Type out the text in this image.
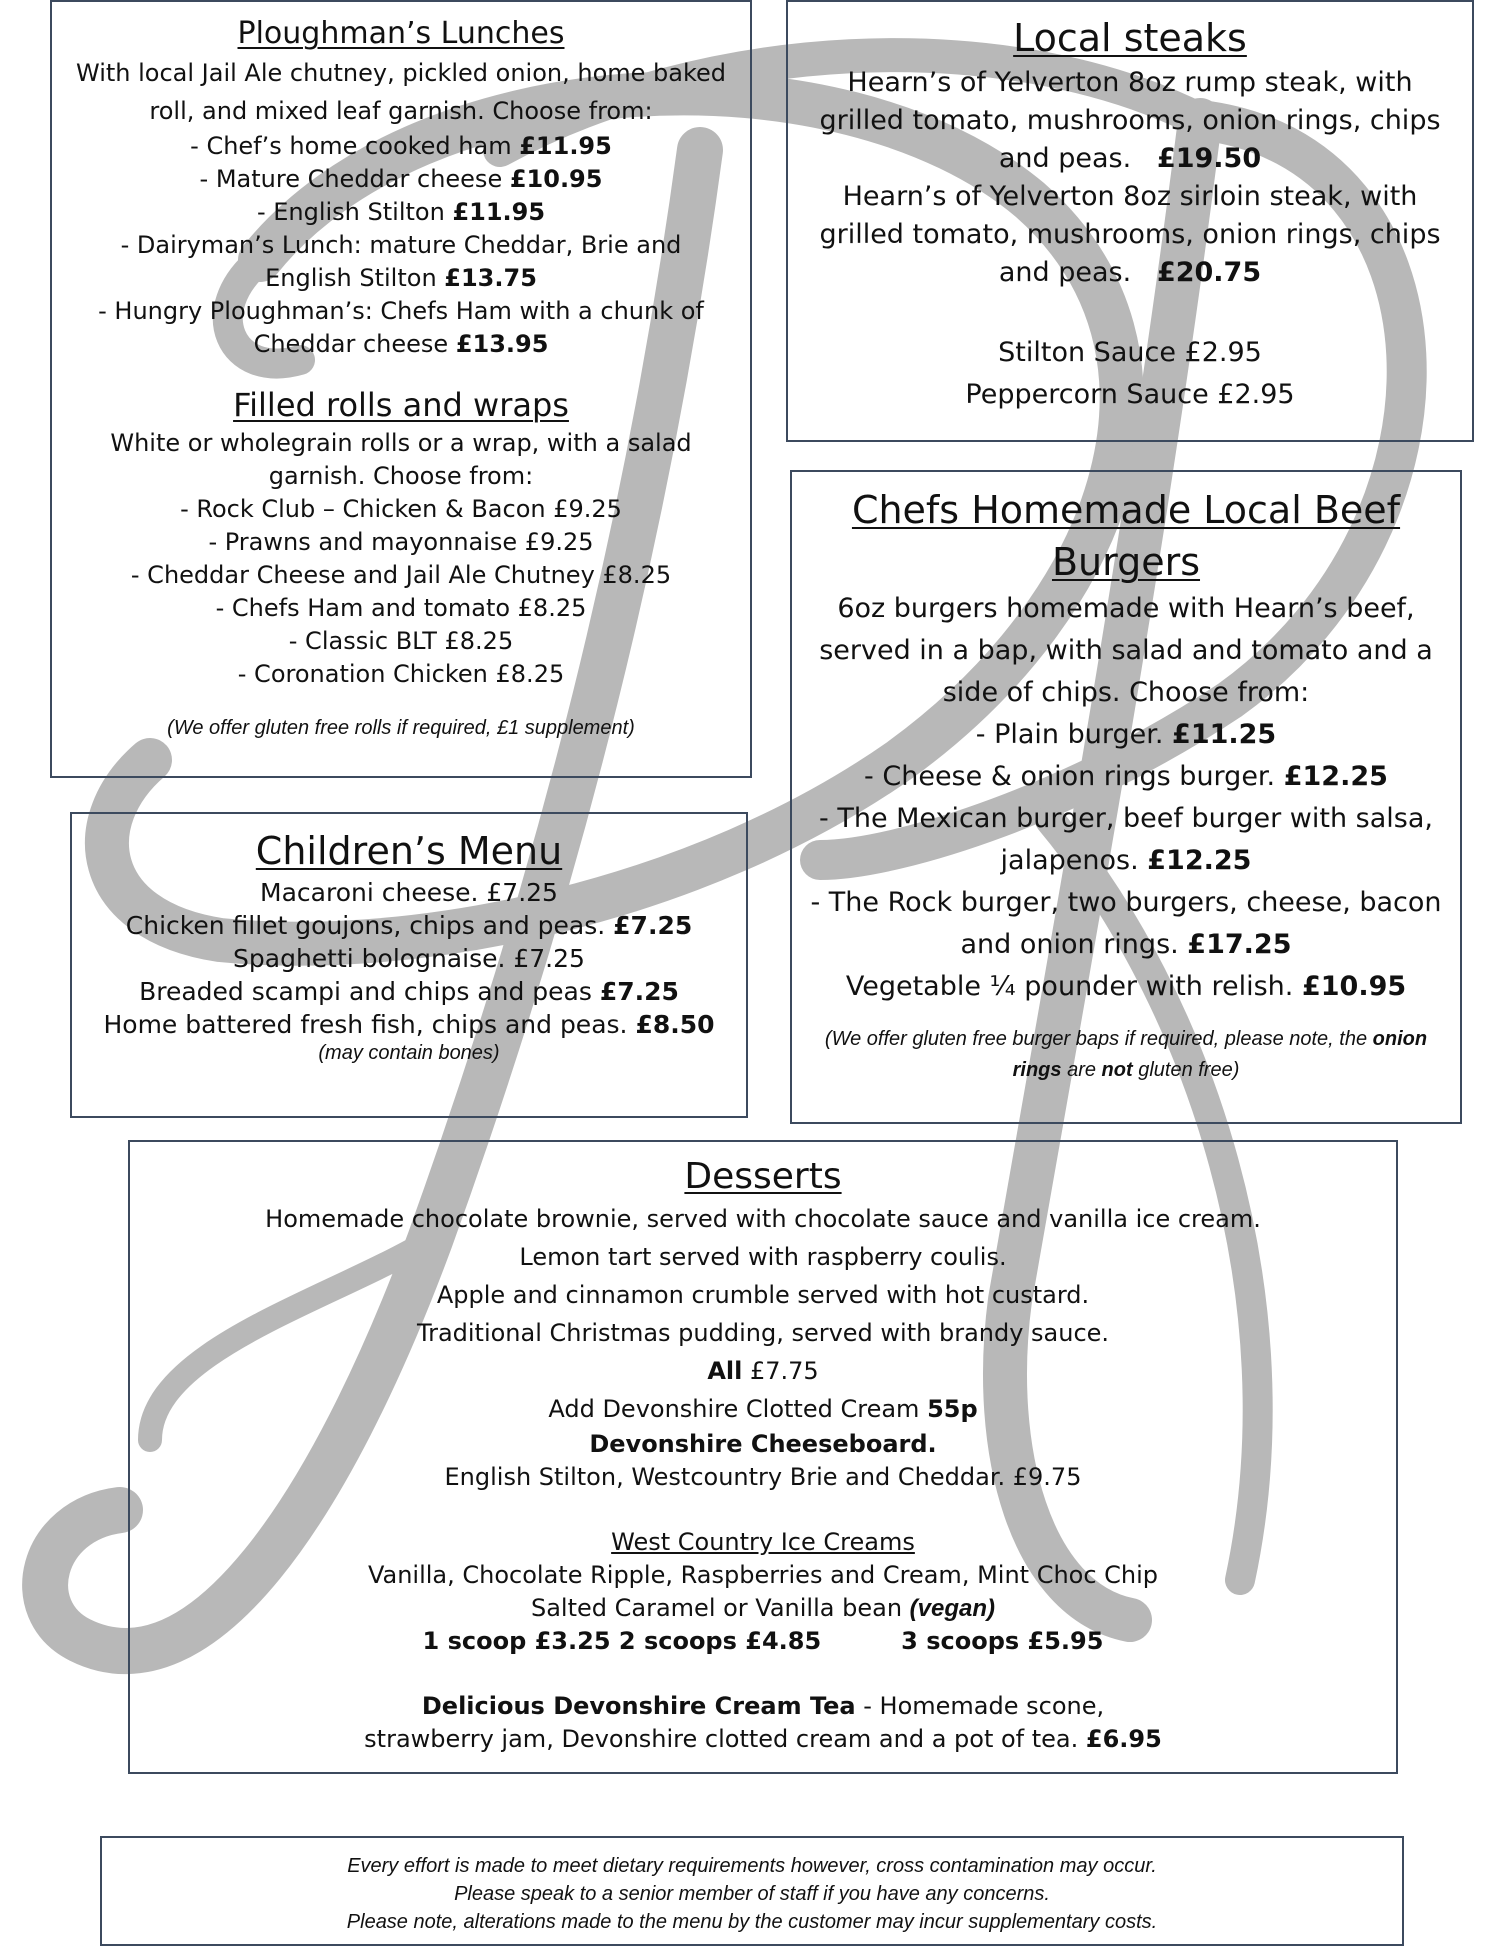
Ploughman’s Lunches

With local Jail Ale chutney, pickled onion, home baked roll, and mixed leaf garnish. Choose from:

- Chef’s home cooked ham £11.95

- Mature Cheddar cheese £10.95

- English Stilton £11.95

- Dairyman’s Lunch: mature Cheddar, Brie and English Stilton £13.75

- Hungry Ploughman’s: Chefs Ham with a chunk of Cheddar cheese £13.95

Filled rolls and wraps

White or wholegrain rolls or a wrap, with a salad garnish. Choose from:

- Rock Club – Chicken & Bacon £9.25

- Prawns and mayonnaise £9.25

- Cheddar Cheese and Jail Ale Chutney £8.25

- Chefs Ham and tomato £8.25

- Classic BLT £8.25

- Coronation Chicken £8.25

(We offer gluten free rolls if required, £1 supplement)

Local steaks

Hearn’s of Yelverton 8oz rump steak, with grilled tomato, mushrooms, onion rings, chips and peas. £19.50

Hearn’s of Yelverton 8oz sirloin steak, with grilled tomato, mushrooms, onion rings, chips and peas. £20.75

Stilton Sauce £2.95

Peppercorn Sauce £2.95

Chefs Homemade Local Beef Burgers

6oz burgers homemade with Hearn’s beef, served in a bap, with salad and tomato and a side of chips. Choose from:

- Plain burger. £11.25

- Cheese & onion rings burger. £12.25

- The Mexican burger, beef burger with salsa, jalapenos. £12.25

- The Rock burger, two burgers, cheese, bacon and onion rings. £17.25

Vegetable ¼ pounder with relish. £10.95

(We offer gluten free burger baps if required, please note, the onion rings are not gluten free)

Children’s Menu

Macaroni cheese. £7.25

Chicken fillet goujons, chips and peas. £7.25

Spaghetti bolognaise. £7.25

Breaded scampi and chips and peas £7.25

Home battered fresh fish, chips and peas. £8.50

(may contain bones)

Desserts

Homemade chocolate brownie, served with chocolate sauce and vanilla ice cream.

Lemon tart served with raspberry coulis.

Apple and cinnamon crumble served with hot custard.

Traditional Christmas pudding, served with brandy sauce.

All £7.75

Add Devonshire Clotted Cream 55p

Devonshire Cheeseboard.

English Stilton, Westcountry Brie and Cheddar. £9.75

West Country Ice Creams

Vanilla, Chocolate Ripple, Raspberries and Cream, Mint Choc Chip

Salted Caramel or Vanilla bean (vegan)

1 scoop £3.25 2 scoops £4.85	3 scoops £5.95

Delicious Devonshire Cream Tea - Homemade scone,

strawberry jam, Devonshire clotted cream and a pot of tea. £6.95

Every effort is made to meet dietary requirements however, cross contamination may occur.

Please speak to a senior member of staff if you have any concerns.

Please note, alterations made to the menu by the customer may incur supplementary costs.
